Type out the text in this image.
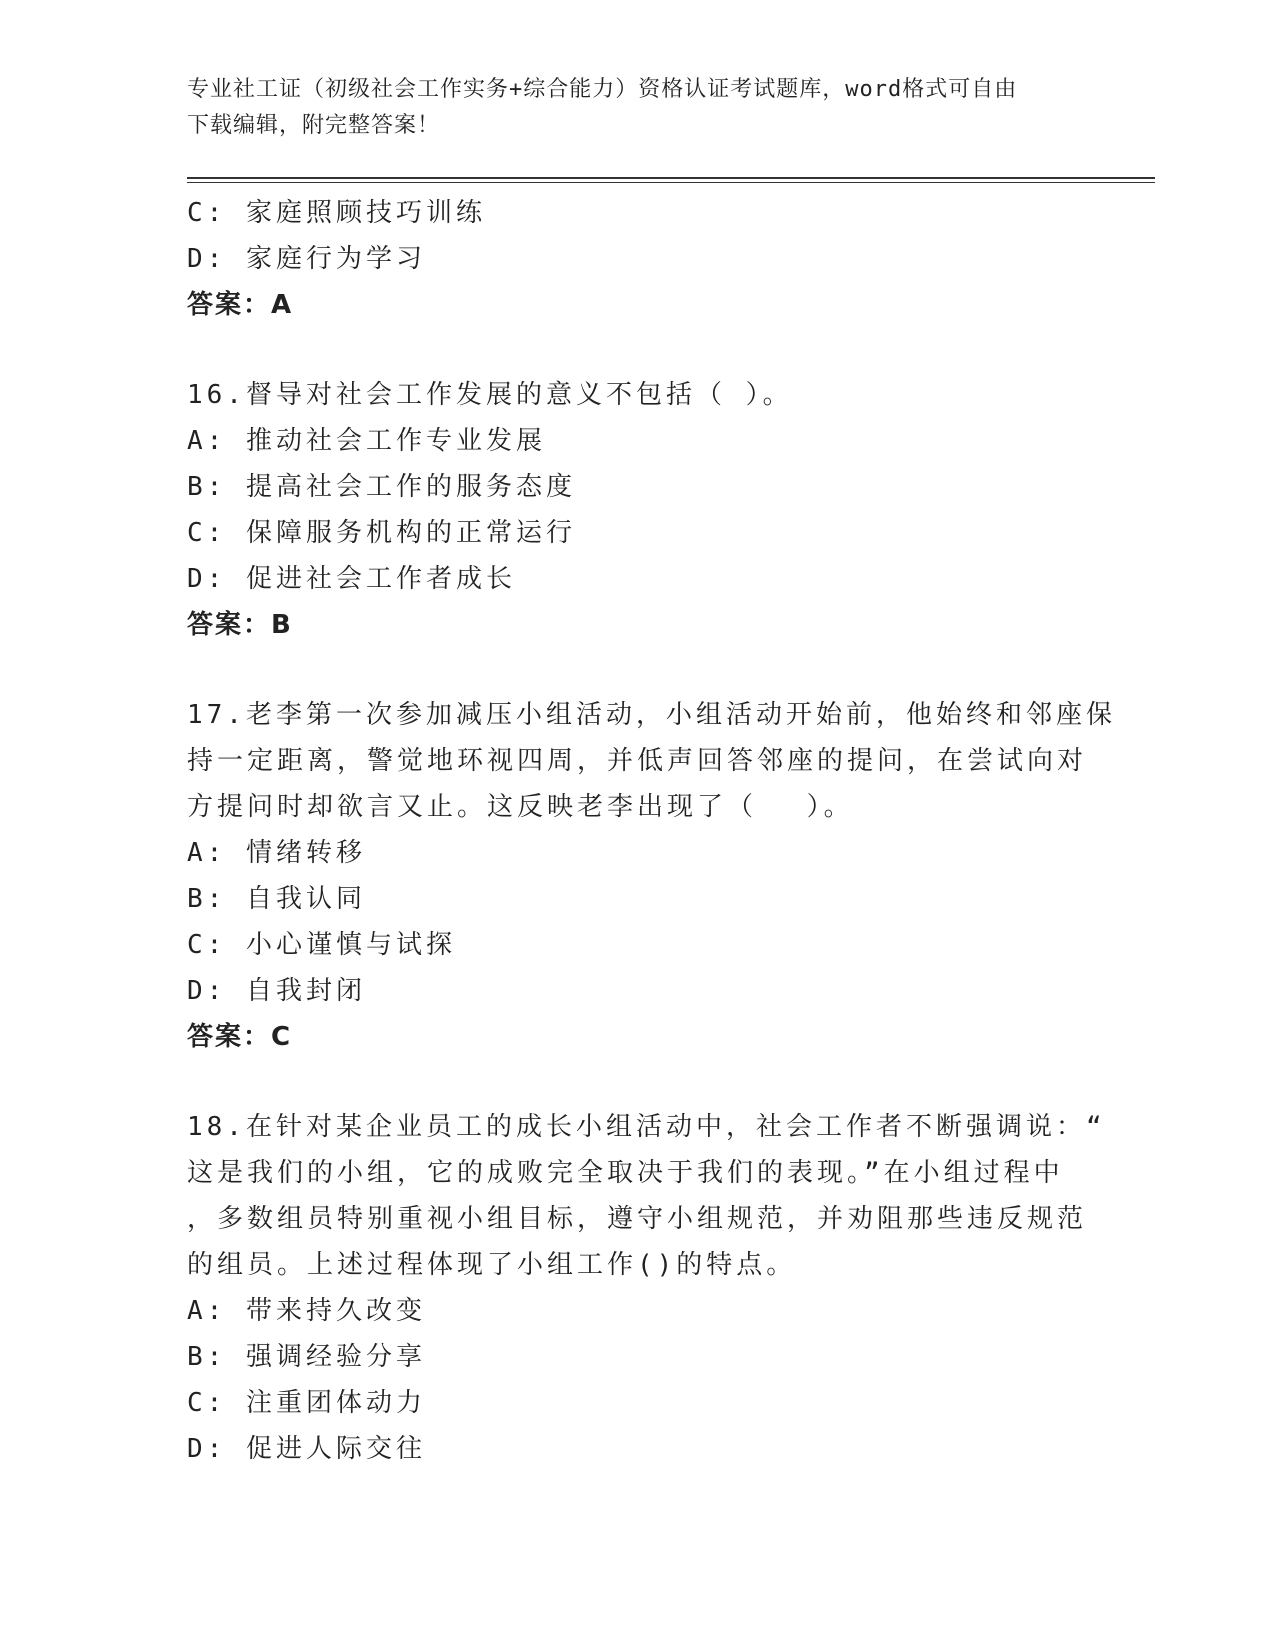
专业社工证（初级社会工作实务+综合能力）资格认证考试题库，word格式可自由
下载编辑，附完整答案！
C: 家庭照顾技巧训练
D: 家庭行为学习
答案：A
16.督导对社会工作发展的意义不包括（ ）。
A: 推动社会工作专业发展
B: 提高社会工作的服务态度
C: 保障服务机构的正常运行
D: 促进社会工作者成长
答案：B
17.老李第一次参加减压小组活动，小组活动开始前，他始终和邻座保
持一定距离，警觉地环视四周，并低声回答邻座的提问，在尝试向对
方提问时却欲言又止。这反映老李出现了（　 ）。
A: 情绪转移
B: 自我认同
C: 小心谨慎与试探
D: 自我封闭
答案：C
18.在针对某企业员工的成长小组活动中，社会工作者不断强调说：“
这是我们的小组，它的成败完全取决于我们的表现。”在小组过程中
，多数组员特别重视小组目标，遵守小组规范，并劝阻那些违反规范
的组员。上述过程体现了小组工作()的特点。
A: 带来持久改变
B: 强调经验分享
C: 注重团体动力
D: 促进人际交往
